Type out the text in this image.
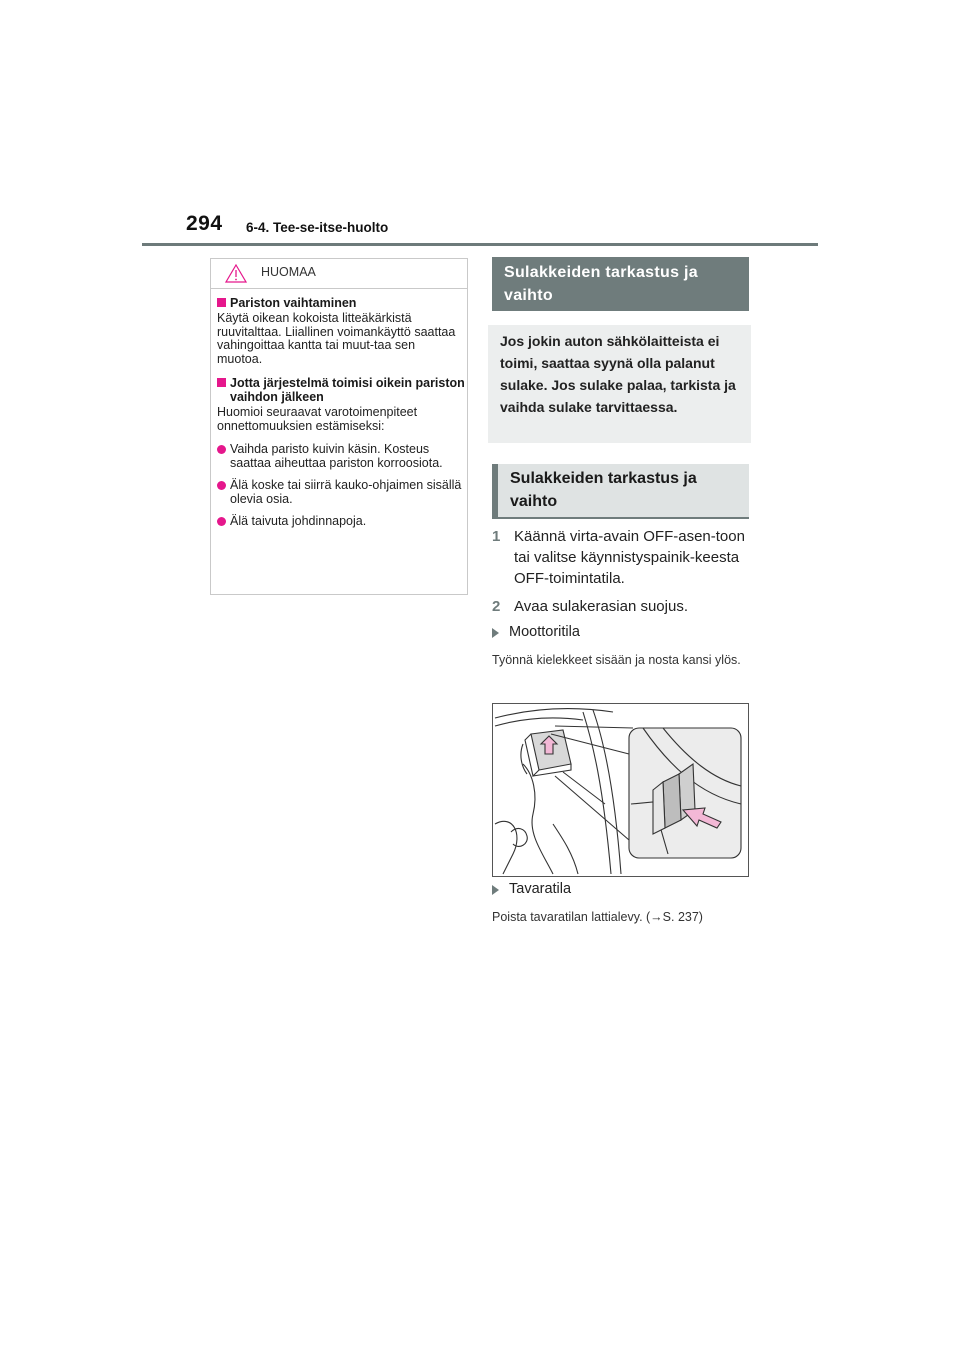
294 6-4. Tee-se-itse-huolto
HUOMAA
Pariston vaihtaminen
Käytä oikean kokoista litteäkärkistä ruuvitalttaa. Liiallinen voimankäyttö saattaa vahingoittaa kantta tai muut-taa sen muotoa.
Jotta järjestelmä toimisi oikein pariston vaihdon jälkeen
Huomioi seuraavat varotoimenpiteet onnettomuuksien estämiseksi:
Vaihda paristo kuivin käsin. Kosteus saattaa aiheuttaa pariston korroosiota.
Älä koske tai siirrä kauko-ohjaimen sisällä olevia osia.
Älä taivuta johdinnapoja.
Sulakkeiden tarkastus ja vaihto
Jos jokin auton sähkölaitteista ei toimi, saattaa syynä olla palanut sulake. Jos sulake palaa, tarkista ja vaihda sulake tarvittaessa.
Sulakkeiden tarkastus ja vaihto
1 Käännä virta-avain OFF-asen-toon tai valitse käynnistyspainik-keesta OFF-toimintatila.
2 Avaa sulakerasian suojus.
Moottoritila
Työnnä kielekkeet sisään ja nosta kansi ylös.
Tavaratila
Poista tavaratilan lattialevy. (→S. 237)
